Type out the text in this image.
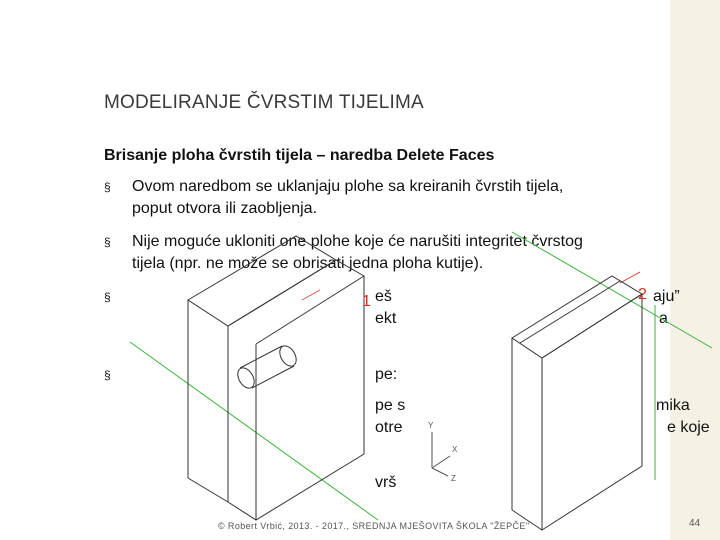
MODELIRANJE ČVRSTIM TIJELIMA
Brisanje ploha čvrstih tijela – naredba Delete Faces
§ Ovom naredbom se uklanjaju plohe sa kreiranih čvrstih tijela,
poput otvora ili zaobljenja.
§ Nije moguće ukloniti one plohe koje će narušiti integritet čvrstog
tijela (npr. ne može se obrisati jedna ploha kutije).
§
§
eš	aju”
ekt	a
pe:
pe s	mika
otre	e koje
vrš
Y
X
Z
1	2
© Robert Vrbić, 2013. - 2017., SREDNJA MJEŠOVITA ŠKOLA "ŽEPČE"	44
